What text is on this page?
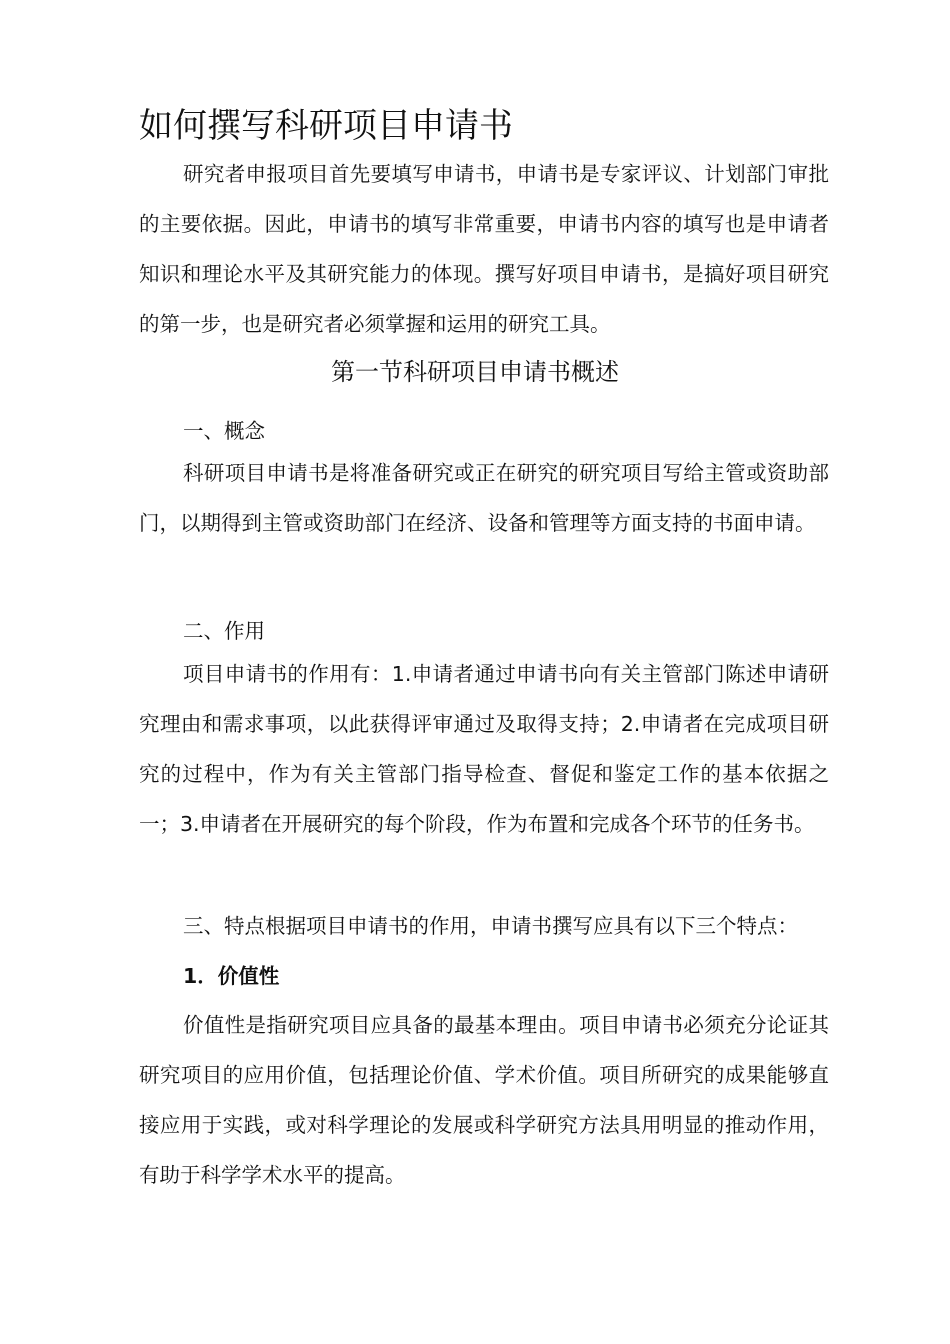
如何撰写科研项目申请书

研究者申报项目首先要填写申请书，申请书是专家评议、计划部门审批的主要依据。因此，申请书的填写非常重要，申请书内容的填写也是申请者知识和理论水平及其研究能力的体现。撰写好项目申请书，是搞好项目研究的第一步，也是研究者必须掌握和运用的研究工具。

第一节科研项目申请书概述

一、概念

科研项目申请书是将准备研究或正在研究的研究项目写给主管或资助部门，以期得到主管或资助部门在经济、设备和管理等方面支持的书面申请。

二、作用

项目申请书的作用有：1.申请者通过申请书向有关主管部门陈述申请研究理由和需求事项，以此获得评审通过及取得支持；2.申请者在完成项目研究的过程中，作为有关主管部门指导检查、督促和鉴定工作的基本依据之一；3.申请者在开展研究的每个阶段，作为布置和完成各个环节的任务书。

三、特点根据项目申请书的作用，申请书撰写应具有以下三个特点：

1．价值性

价值性是指研究项目应具备的最基本理由。项目申请书必须充分论证其研究项目的应用价值，包括理论价值、学术价值。项目所研究的成果能够直接应用于实践，或对科学理论的发展或科学研究方法具用明显的推动作用，有助于科学学术水平的提高。
